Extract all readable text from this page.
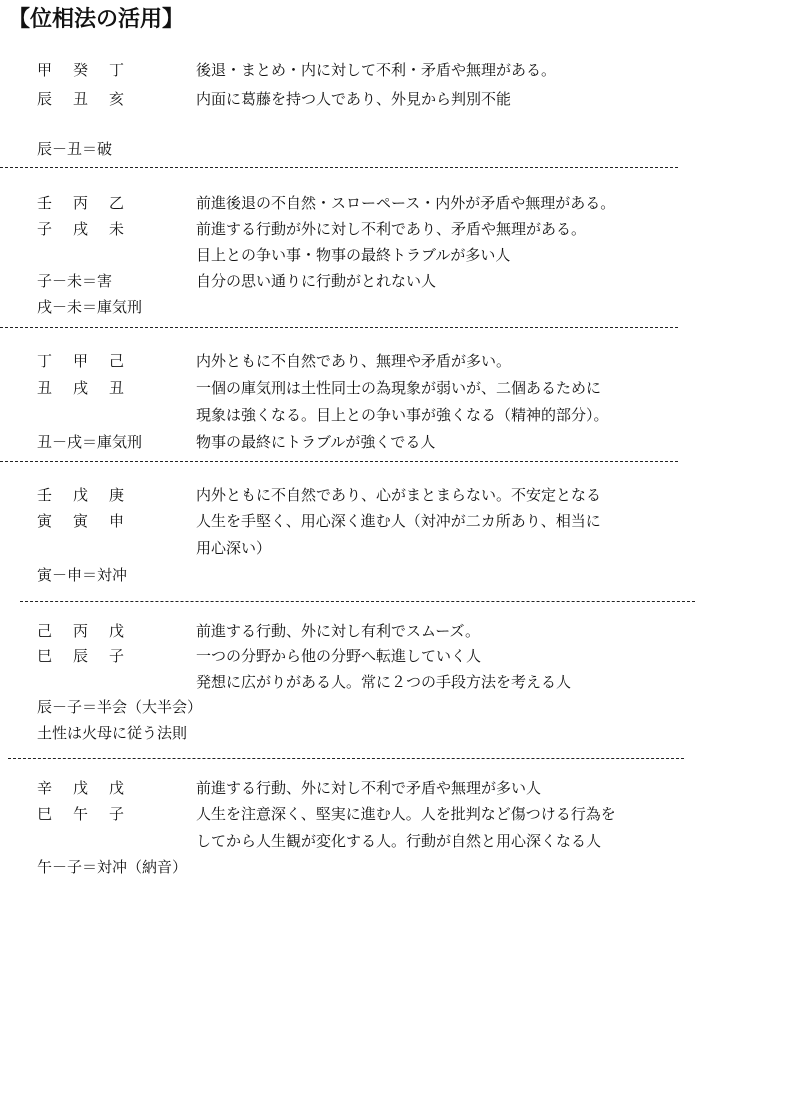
【位相法の活用】
甲 癸 丁	後退・まとめ・内に対して不利・矛盾や無理がある。
辰 丑 亥	内面に葛藤を持つ人であり、外見から判別不能
辰－丑＝破
壬 丙 乙	前進後退の不自然・スローペース・内外が矛盾や無理がある。
子 戌 未	前進する行動が外に対し不利であり、矛盾や無理がある。
目上との争い事・物事の最終トラブルが多い人
子－未＝害	自分の思い通りに行動がとれない人
戌－未＝庫気刑
丁 甲 己	内外ともに不自然であり、無理や矛盾が多い。
丑 戌 丑	一個の庫気刑は土性同士の為現象が弱いが、二個あるために
現象は強くなる。目上との争い事が強くなる（精神的部分）。
丑－戌＝庫気刑	物事の最終にトラブルが強くでる人
壬 戊 庚	内外ともに不自然であり、心がまとまらない。不安定となる
寅 寅 申	人生を手堅く、用心深く進む人（対冲が二カ所あり、相当に
用心深い）
寅－申＝対冲
己 丙 戊	前進する行動、外に対し有利でスムーズ。
巳 辰 子	一つの分野から他の分野へ転進していく人
発想に広がりがある人。常に２つの手段方法を考える人
辰－子＝半会（大半会）
土性は火母に従う法則
辛 戊 戊	前進する行動、外に対し不利で矛盾や無理が多い人
巳 午 子	人生を注意深く、堅実に進む人。人を批判など傷つける行為を
してから人生観が変化する人。行動が自然と用心深くなる人
午－子＝対冲（納音）
